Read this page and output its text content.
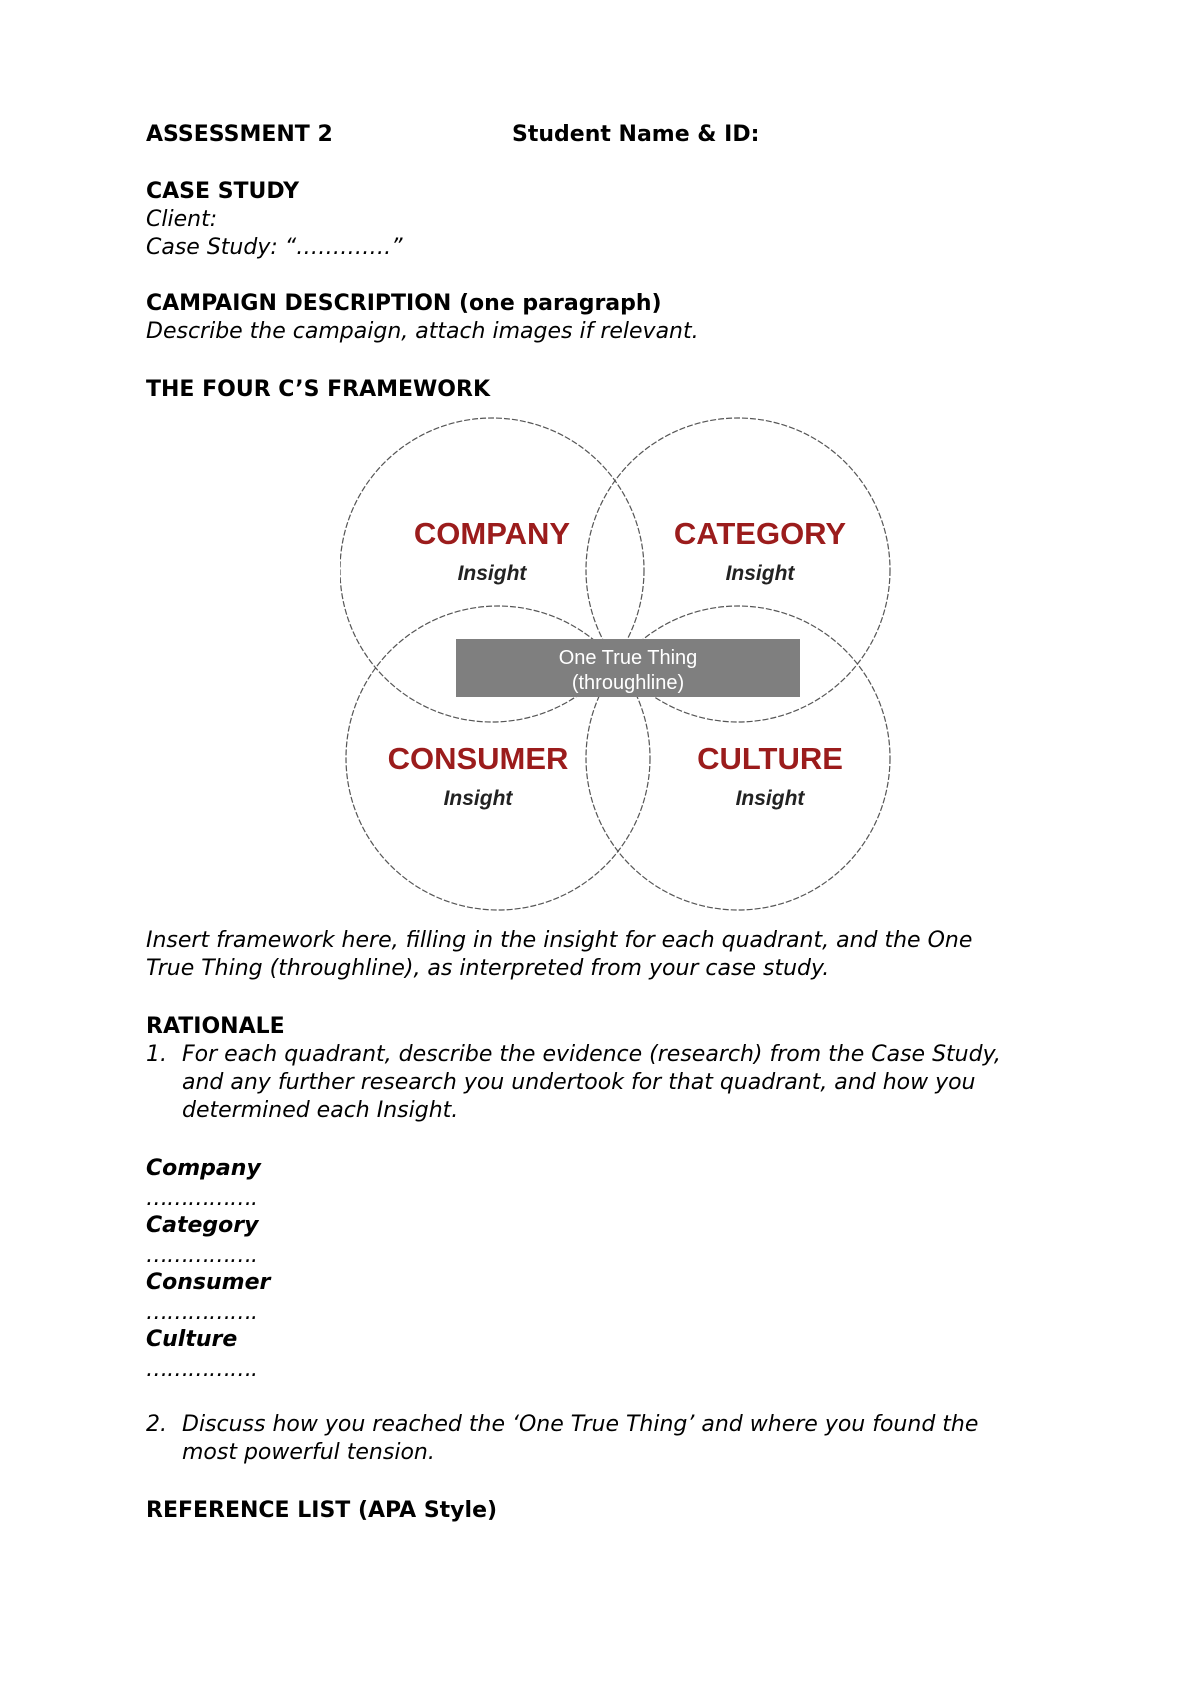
ASSESSMENT 2	Student Name & ID:
CASE STUDY
Client:
Case Study: “………….”
CAMPAIGN DESCRIPTION (one paragraph)
Describe the campaign, attach images if relevant.
THE FOUR C’S FRAMEWORK
COMPANY
Insight
CATEGORY
Insight
One True Thing
(throughline)
CONSUMER
Insight
CULTURE
Insight
Insert framework here, filling in the insight for each quadrant, and the One
True Thing (throughline), as interpreted from your case study.
RATIONALE
1. For each quadrant, describe the evidence (research) from the Case Study,
and any further research you undertook for that quadrant, and how you
determined each Insight.
Company
…………….
Category
…………….
Consumer
…………….
Culture
…………….
2. Discuss how you reached the ‘One True Thing’ and where you found the
most powerful tension.
REFERENCE LIST (APA Style)
